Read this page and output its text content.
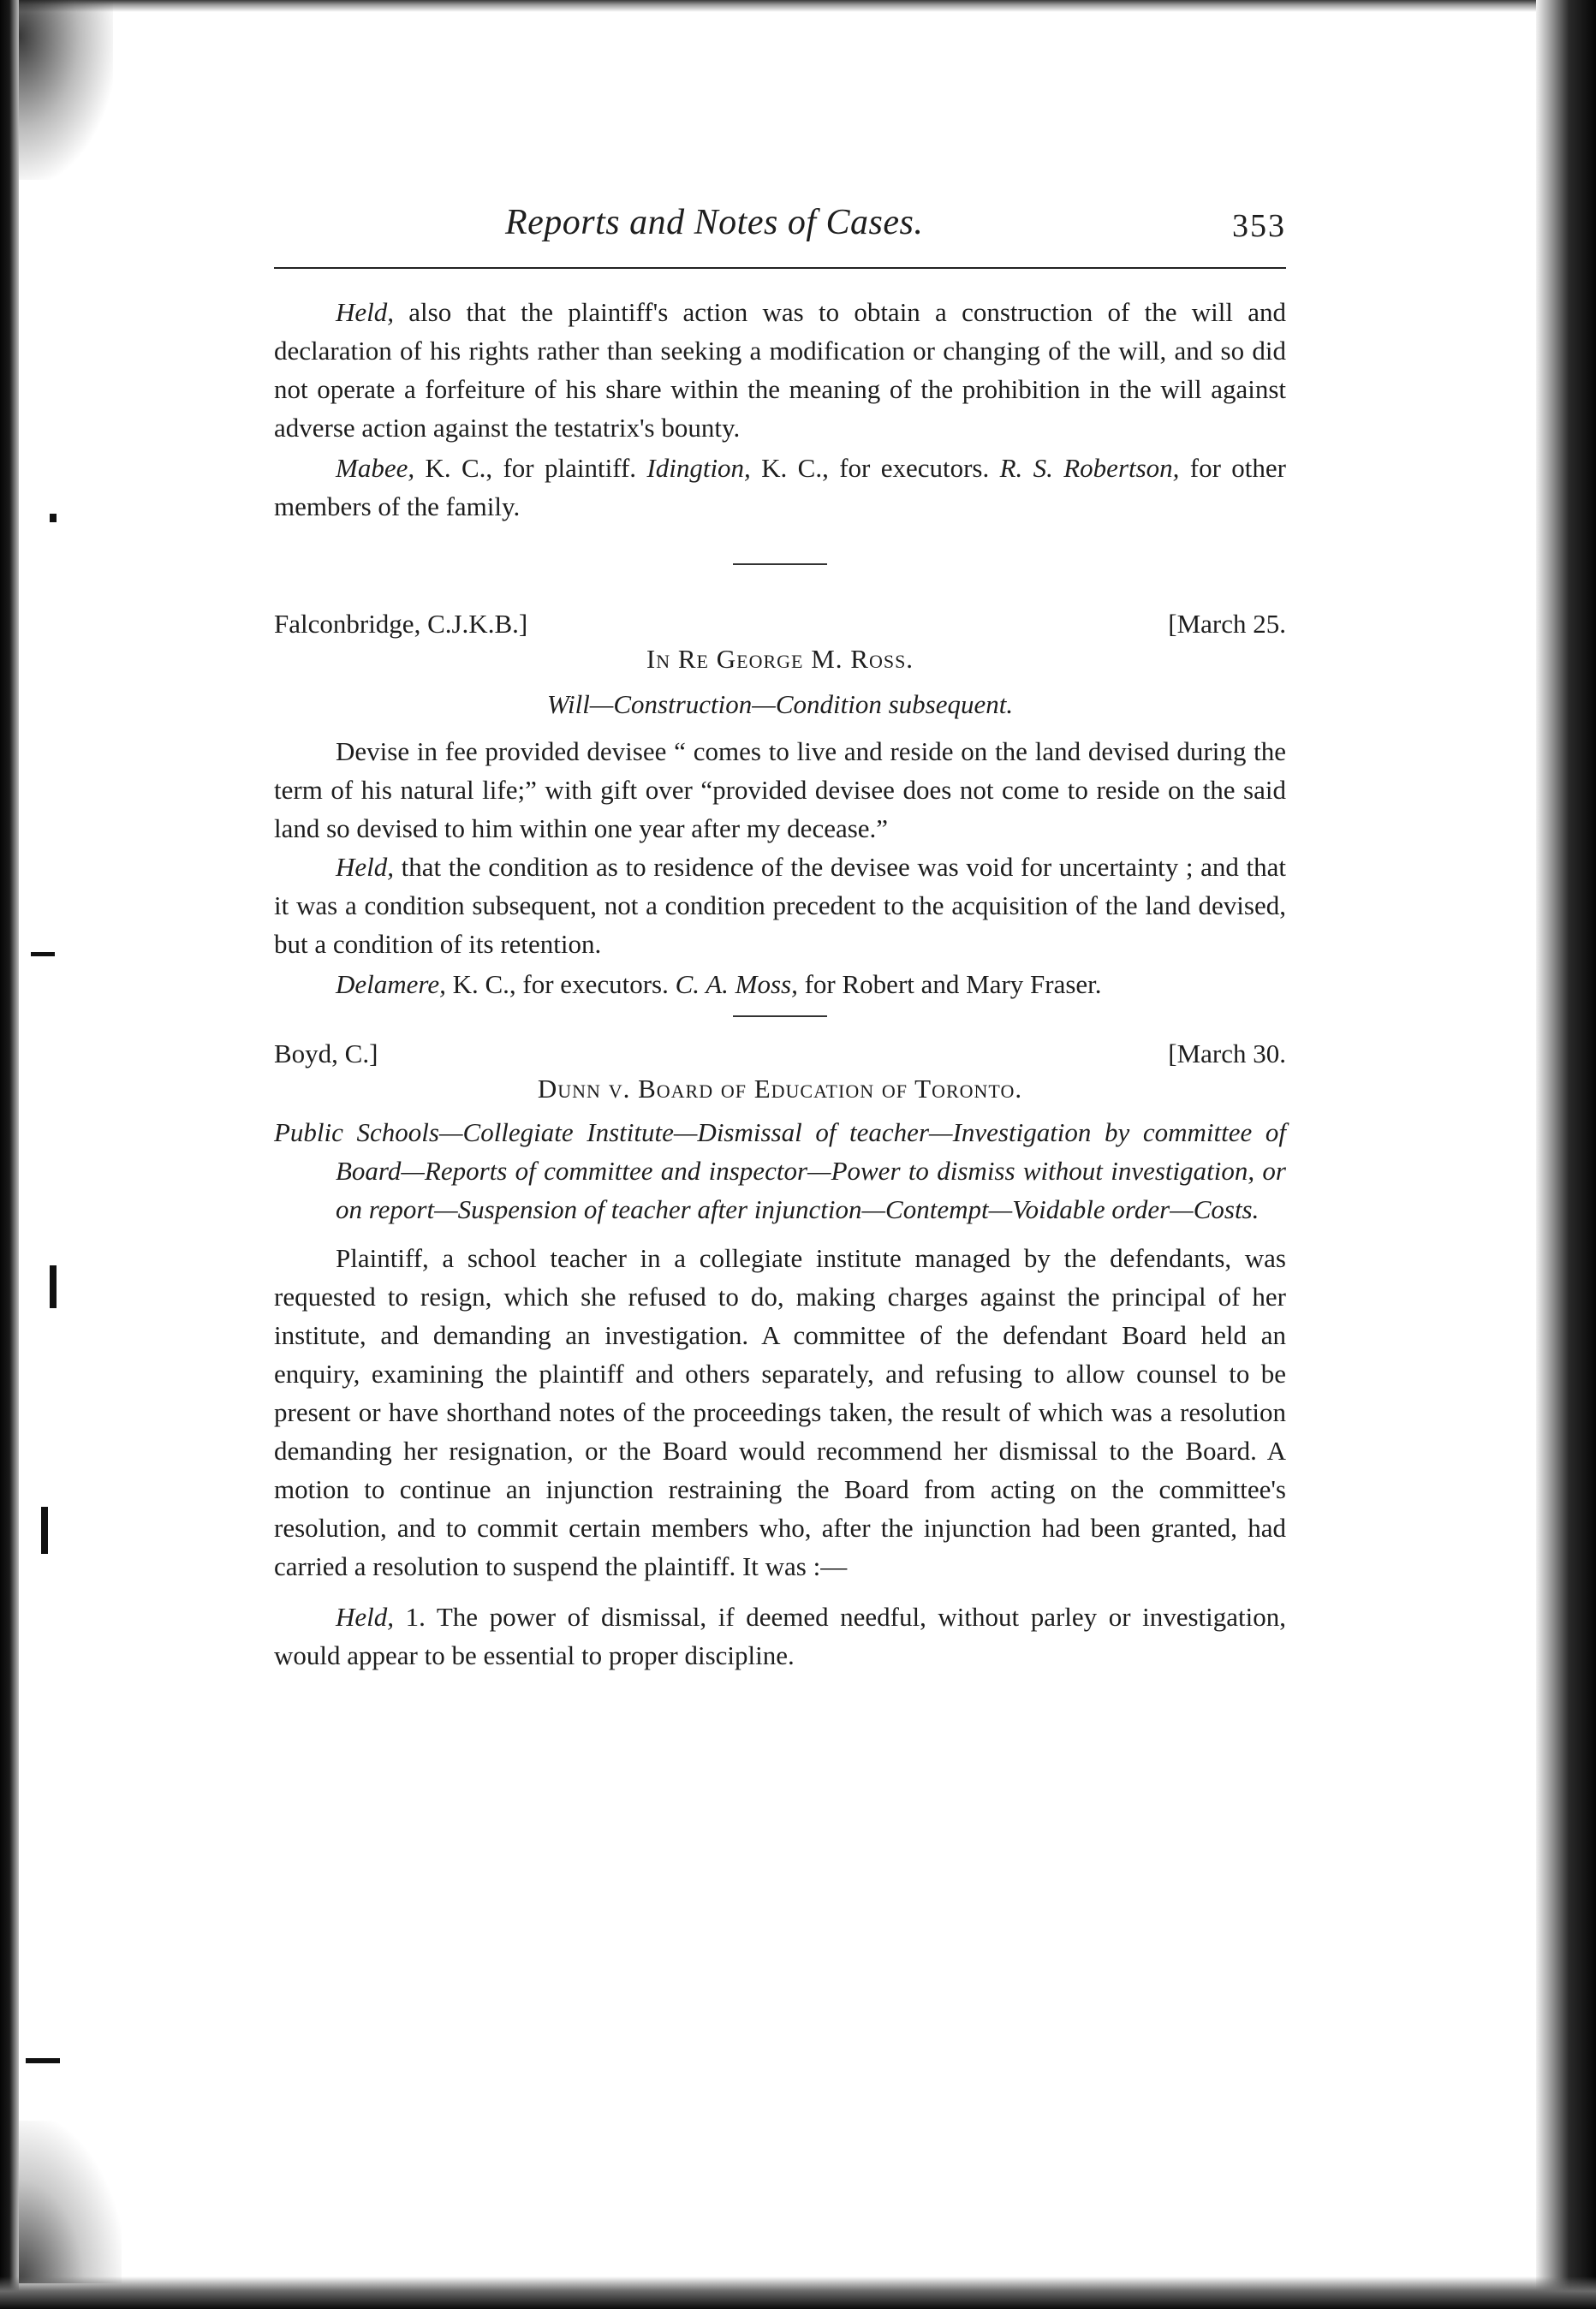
Reports and Notes of Cases.	353

Held, also that the plaintiff's action was to obtain a construction of the will and declaration of his rights rather than seeking a modification or changing of the will, and so did not operate a forfeiture of his share within the meaning of the prohibition in the will against adverse action against the testatrix's bounty.

Mabee, K. C., for plaintiff. Idingtion, K. C., for executors. R. S. Robertson, for other members of the family.

Falconbridge, C.J.K.B.]	[March 25.
In Re George M. Ross.
Will—Construction—Condition subsequent.

Devise in fee provided devisee “ comes to live and reside on the land devised during the term of his natural life;” with gift over “provided devisee does not come to reside on the said land so devised to him within one year after my decease.”

Held, that the condition as to residence of the devisee was void for uncertainty ; and that it was a condition subsequent, not a condition precedent to the acquisition of the land devised, but a condition of its retention.

Delamere, K. C., for executors. C. A. Moss, for Robert and Mary Fraser.

Boyd, C.]	[March 30.
Dunn v. Board of Education of Toronto.

Public Schools—Collegiate Institute—Dismissal of teacher—Investigation by committee of Board—Reports of committee and inspector—Power to dismiss without investigation, or on report—Suspension of teacher after injunction—Contempt—Voidable order—Costs.

Plaintiff, a school teacher in a collegiate institute managed by the defendants, was requested to resign, which she refused to do, making charges against the principal of her institute, and demanding an investigation. A committee of the defendant Board held an enquiry, examining the plaintiff and others separately, and refusing to allow counsel to be present or have shorthand notes of the proceedings taken, the result of which was a resolution demanding her resignation, or the Board would recommend her dismissal to the Board. A motion to continue an injunction restraining the Board from acting on the committee's resolution, and to commit certain members who, after the injunction had been granted, had carried a resolution to suspend the plaintiff. It was :—

Held, 1. The power of dismissal, if deemed needful, without parley or investigation, would appear to be essential to proper discipline.
